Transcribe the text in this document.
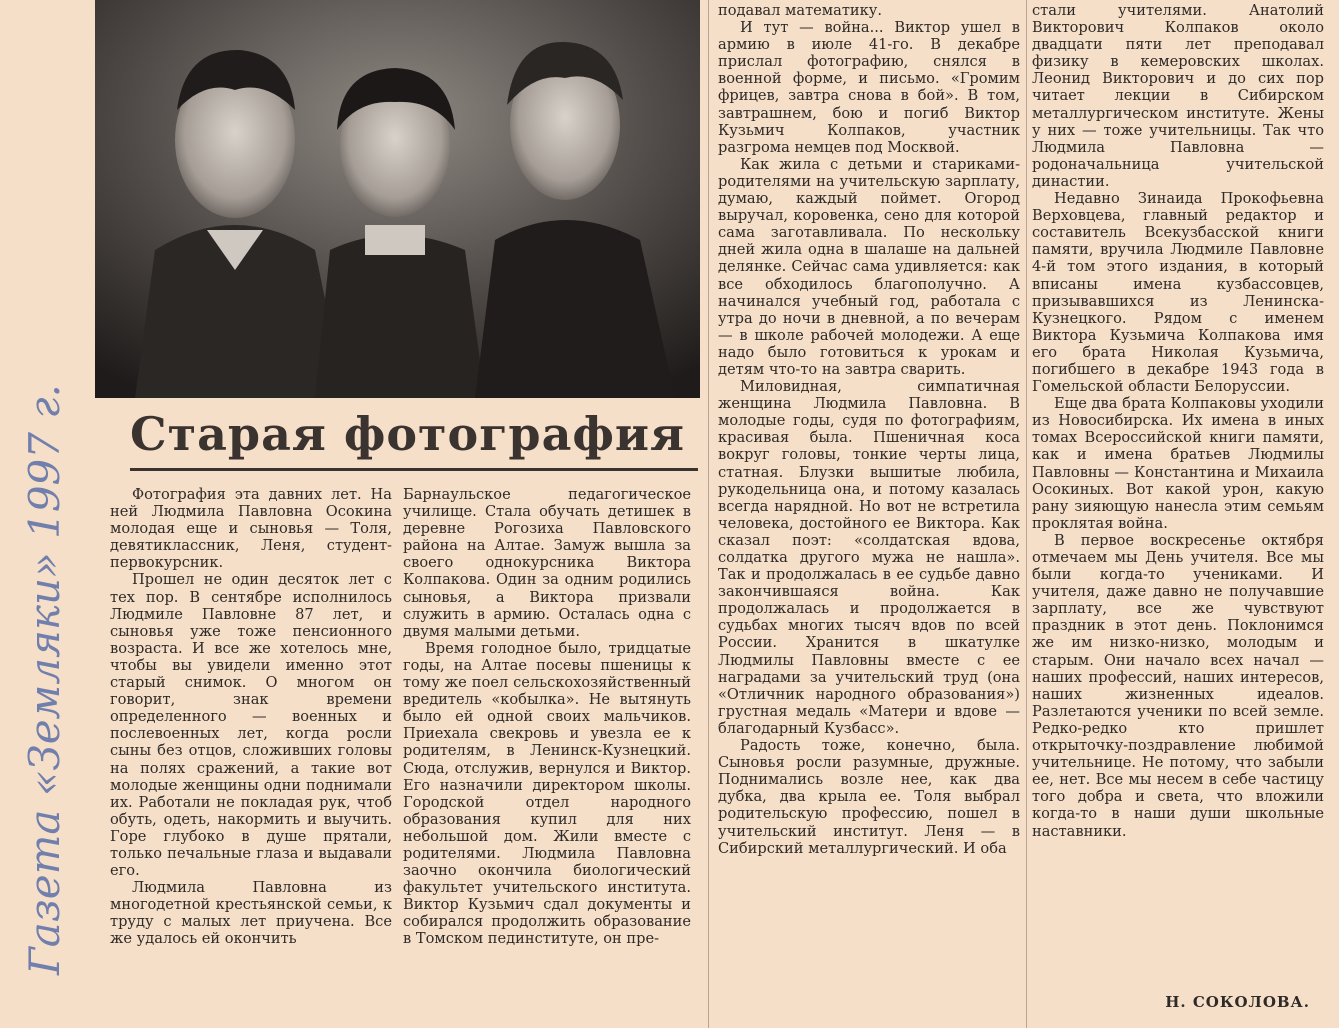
Газета «Земляки» 1997 г. Старая фотография

Фотография эта давних лет. На ней Людмила Павловна Осокина молодая еще и сыновья — Толя, девятиклассник, Леня, студент-первокурсник.

Прошел не один десяток лет с тех пор. В сентябре исполнилось Людмиле Павловне 87 лет, и сыновья уже тоже пенсионного возраста. И все же хотелось мне, чтобы вы увидели именно этот старый снимок. О многом он говорит, знак времени определенного — военных и послевоенных лет, когда росли сыны без отцов, сложивших головы на полях сражений, а такие вот молодые женщины одни поднимали их. Работали не покладая рук, чтоб обуть, одеть, накормить и выучить. Горе глубоко в душе прятали, только печальные глаза и выдавали его.

Людмила Павловна из многодетной крестьянской семьи, к труду с малых лет приучена. Все же удалось ей окончить

Барнаульское педагогическое училище. Стала обучать детишек в деревне Рогозиха Павловского района на Алтае. Замуж вышла за своего однокурсника Виктора Колпакова. Один за одним родились сыновья, а Виктора призвали служить в армию. Осталась одна с двумя малыми детьми.

Время голодное было, тридцатые годы, на Алтае посевы пшеницы к тому же поел сельскохозяйственный вредитель «кобылка». Не вытянуть было ей одной своих мальчиков. Приехала свекровь и увезла ее к родителям, в Ленинск-Кузнецкий. Сюда, отслужив, вернулся и Виктор. Его назначили директором школы. Городской отдел народного образования купил для них небольшой дом. Жили вместе с родителями. Людмила Павловна заочно окончила биологический факультет учительского института. Виктор Кузьмич сдал документы и собирался продолжить образование в Томском пединституте, он пре-

подавал математику.

И тут — война... Виктор ушел в армию в июле 41-го. В декабре прислал фотографию, снялся в военной форме, и письмо. «Громим фрицев, завтра снова в бой». В том, завтрашнем, бою и погиб Виктор Кузьмич Колпаков, участник разгрома немцев под Москвой.

Как жила с детьми и стариками-родителями на учительскую зарплату, думаю, каждый поймет. Огород выручал, коровенка, сено для которой сама заготавливала. По нескольку дней жила одна в шалаше на дальней делянке. Сейчас сама удивляется: как все обходилось благополучно. А начинался учебный год, работала с утра до ночи в дневной, а по вечерам — в школе рабочей молодежи. А еще надо было готовиться к урокам и детям что-то на завтра сварить.

Миловидная, симпатичная женщина Людмила Павловна. В молодые годы, судя по фотографиям, красивая была. Пшеничная коса вокруг головы, тонкие черты лица, статная. Блузки вышитые любила, рукодельница она, и потому казалась всегда нарядной. Но вот не встретила человека, достойного ее Виктора. Как сказал поэт: «солдатская вдова, солдатка другого мужа не нашла». Так и продолжалась в ее судьбе давно закончившаяся война. Как продолжалась и продолжается в судьбах многих тысяч вдов по всей России. Хранится в шкатулке Людмилы Павловны вместе с ее наградами за учительский труд (она «Отличник народного образования») грустная медаль «Матери и вдове — благодарный Кузбасс».

Радость тоже, конечно, была. Сыновья росли разумные, дружные. Поднимались возле нее, как два дубка, два крыла ее. Толя выбрал родительскую профессию, пошел в учительский институт. Леня — в Сибирский металлургический. И оба

стали учителями. Анатолий Викторович Колпаков около двадцати пяти лет преподавал физику в кемеровских школах. Леонид Викторович и до сих пор читает лекции в Сибирском металлургическом институте. Жены у них — тоже учительницы. Так что Людмила Павловна — родоначальница учительской династии.

Недавно Зинаида Прокофьевна Верховцева, главный редактор и составитель Всекузбасской книги памяти, вручила Людмиле Павловне 4-й том этого издания, в который вписаны имена кузбассовцев, призывавшихся из Ленинска-Кузнецкого. Рядом с именем Виктора Кузьмича Колпакова имя его брата Николая Кузьмича, погибшего в декабре 1943 года в Гомельской области Белоруссии.

Еще два брата Колпаковы уходили из Новосибирска. Их имена в иных томах Всероссийской книги памяти, как и имена братьев Людмилы Павловны — Константина и Михаила Осокиных. Вот какой урон, какую рану зияющую нанесла этим семьям проклятая война.

В первое воскресенье октября отмечаем мы День учителя. Все мы были когда-то учениками. И учителя, даже давно не получавшие зарплату, все же чувствуют праздник в этот день. Поклонимся же им низко-низко, молодым и старым. Они начало всех начал — наших профессий, наших интересов, наших жизненных идеалов. Разлетаются ученики по всей земле. Редко-редко кто пришлет открыточку-поздравление любимой учительнице. Не потому, что забыли ее, нет. Все мы несем в себе частицу того добра и света, что вложили когда-то в наши души школьные наставники.

Н. СОКОЛОВА.
